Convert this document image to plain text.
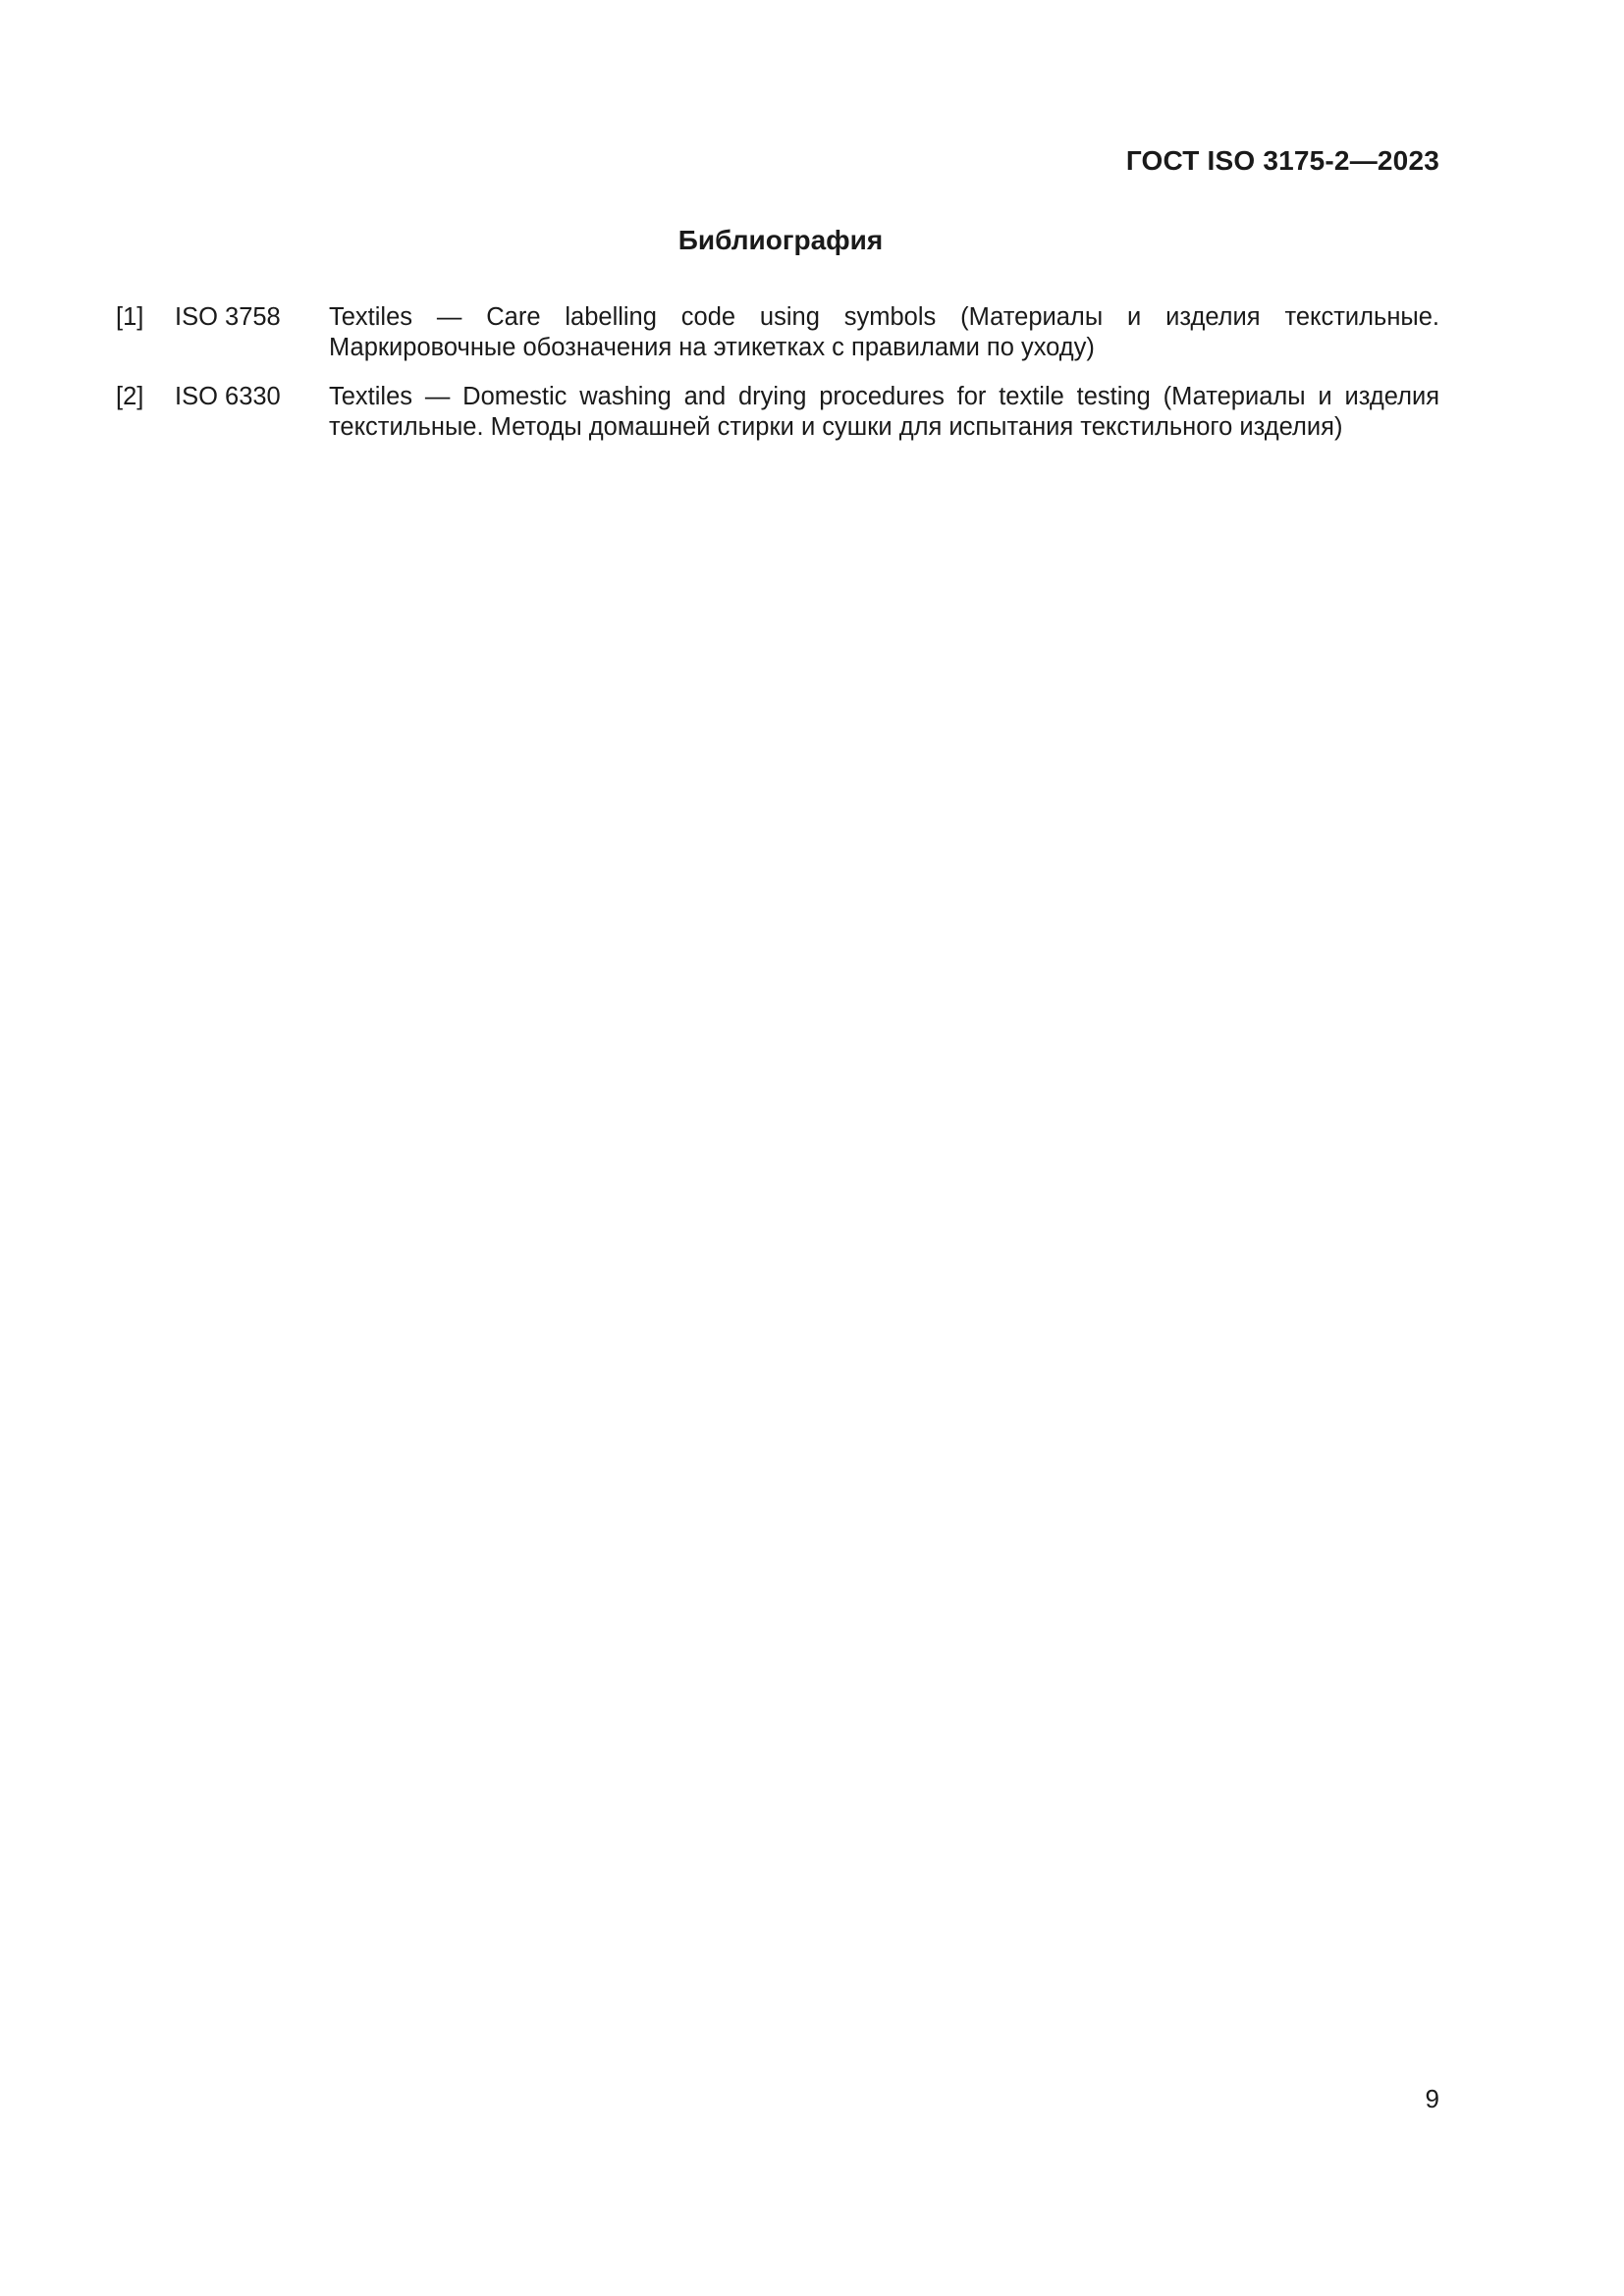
ГОСТ ISO 3175-2—2023
Библиография
[1] ISO 3758 Textiles — Care labelling code using symbols (Материалы и изделия текстильные. Маркировочные обозначения на этикетках с правилами по уходу)
[2] ISO 6330 Textiles — Domestic washing and drying procedures for textile testing (Материалы и изделия текстильные. Методы домашней стирки и сушки для испытания текстильного изделия)
9
